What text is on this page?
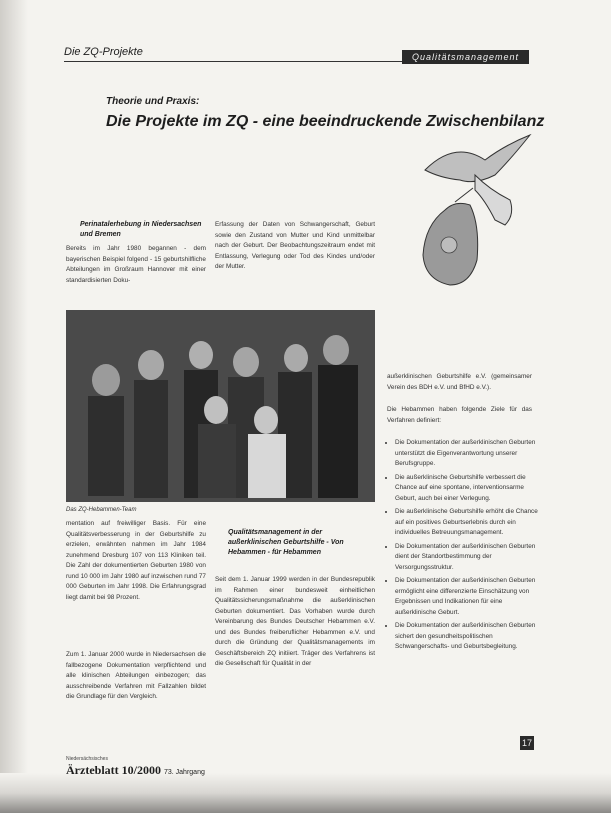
Die ZQ-Projekte	Qualitätsmanagement
Theorie und Praxis:
Die Projekte im ZQ - eine beeindruckende Zwischenbilanz
Perinatalerhebung in Niedersachsen und Bremen
Bereits im Jahr 1980 begannen - dem bayerischen Beispiel folgend - 15 geburtshilfliche Abteilungen im Großraum Hannover mit einer standardisierten Doku-
Erfassung der Daten von Schwangerschaft, Geburt sowie den Zustand von Mutter und Kind unmittelbar nach der Geburt. Der Beobachtungszeitraum endet mit Entlassung, Verlegung oder Tod des Kindes und/oder der Mutter.
Das ZQ-Hebammen-Team
mentation auf freiwilliger Basis. Für eine Qualitätsverbesserung in der Geburtshilfe zu erzielen, erwähnten nahmen im Jahr 1984 zunehmend Dresburg 107 von 113 Kliniken teil. Die Zahl der dokumentierten Geburten 1980 von rund 10 000 im Jahr 1980 auf inzwischen rund 77 000 Geburten im Jahr 1998. Die Erfahrungsgrad liegt damit bei 98 Prozent.
Zum 1. Januar 2000 wurde in Niedersachsen die fallbezogene Dokumentation verpflichtend und alle klinischen Abteilungen einbezogen; das ausschreibende Verfahren mit Fallzahlen bildet die Grundlage für den Vergleich.
Qualitätsmanagement in der außerklinischen Geburtshilfe - Von Hebammen - für Hebammen
Seit dem 1. Januar 1999 werden in der Bundesrepublik im Rahmen einer bundesweit einheitlichen Qualitätssicherungsmaßnahme die außerklinischen Geburten dokumentiert. Das Vorhaben wurde durch Vereinbarung des Bundes Deutscher Hebammen e.V. und des Bundes freiberuflicher Hebammen e.V. und durch die Gründung der Qualitätsmanagements im Geschäftsbereich ZQ initiiert. Träger des Verfahrens ist die Gesellschaft für Qualität in der
außerklinischen Geburtshilfe e.V. (gemeinsamer Verein des BDH e.V. und BfHD e.V.).
Die Hebammen haben folgende Ziele für das Verfahren definiert:
• Die Dokumentation der außerklinischen Geburten unterstützt die Eigenverantwortung unserer Berufsgruppe.
• Die außerklinische Geburtshilfe verbessert die Chance auf eine spontane, interventionsarme Geburt, auch bei einer Verlegung.
• Die außerklinische Geburtshilfe erhöht die Chance auf ein positives Geburtserlebnis durch ein individuelles Betreuungsmanagement.
• Die Dokumentation der außerklinischen Geburten dient der Standortbestimmung der Versorgungsstruktur.
• Die Dokumentation der außerklinischen Geburten ermöglicht eine differenzierte Einschätzung von Ergebnissen und Indikationen für eine außerklinische Geburt.
• Die Dokumentation der außerklinischen Geburten sichert den gesundheitspolitischen Schwangerschafts- und Geburtsbegleitung.
Niedersächsisches
Ärzteblatt 10/2000 73. Jahrgang
17
